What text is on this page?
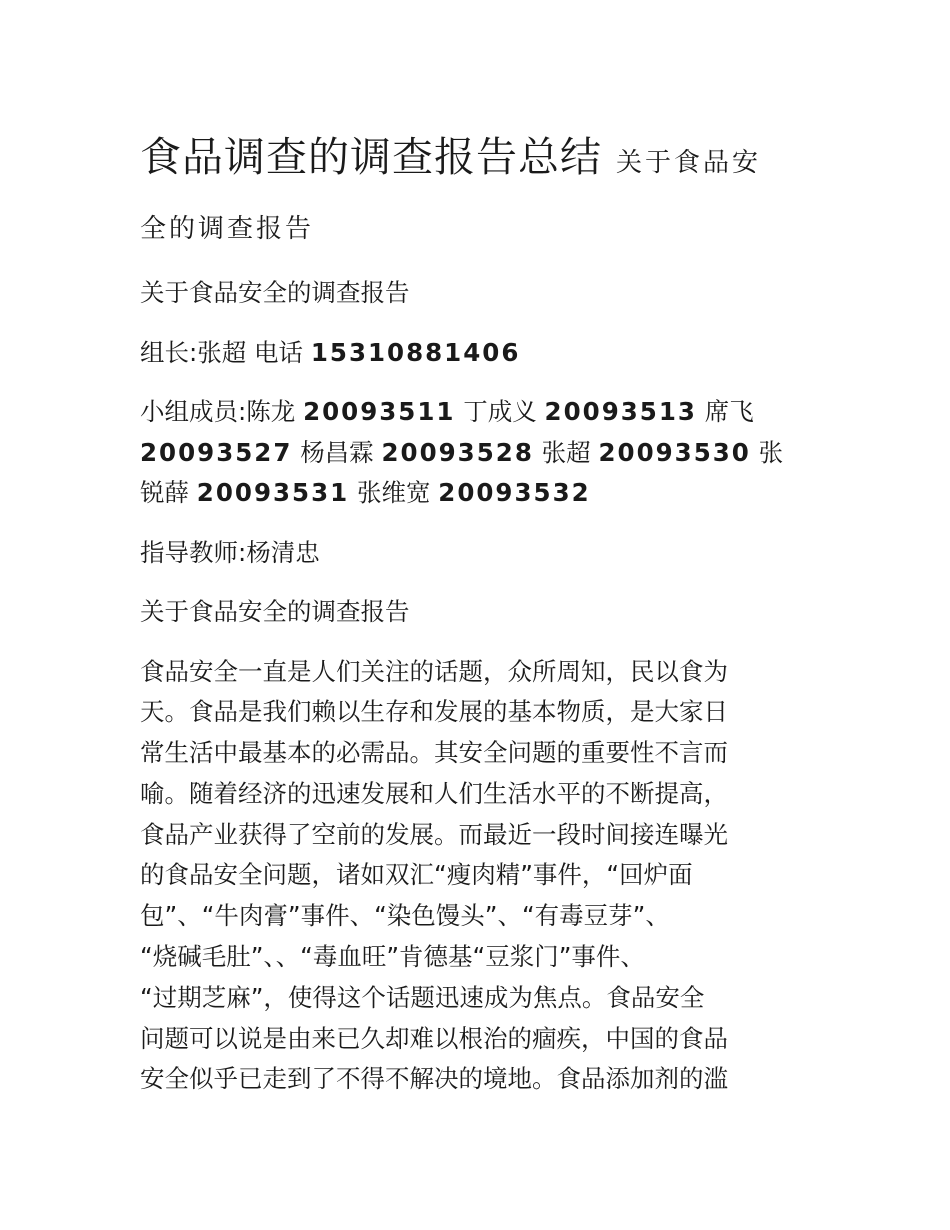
食品调查的调查报告总结 关于食品安

全的调查报告

关于食品安全的调查报告

组长:张超 电话 15310881406

小组成员:陈龙 20093511 丁成义 20093513 席飞
20093527 杨昌霖 20093528 张超 20093530 张锐薛 20093531 张维宽 20093532

指导教师:杨清忠

关于食品安全的调查报告

食品安全一直是人们关注的话题，众所周知，民以食为
天。食品是我们赖以生存和发展的基本物质，是大家日
常生活中最基本的必需品。其安全问题的重要性不言而
喻。随着经济的迅速发展和人们生活水平的不断提高，
食品产业获得了空前的发展。而最近一段时间接连曝光
的食品安全问题，诸如双汇“瘦肉精”事件，“回炉面
包”、“牛肉膏”事件、“染色馒头”、“有毒豆芽”、
“烧碱毛肚”、、“毒血旺”肯德基“豆浆门”事件、
“过期芝麻”，使得这个话题迅速成为焦点。食品安全
问题可以说是由来已久却难以根治的痼疾，中国的食品
安全似乎已走到了不得不解决的境地。食品添加剂的滥
